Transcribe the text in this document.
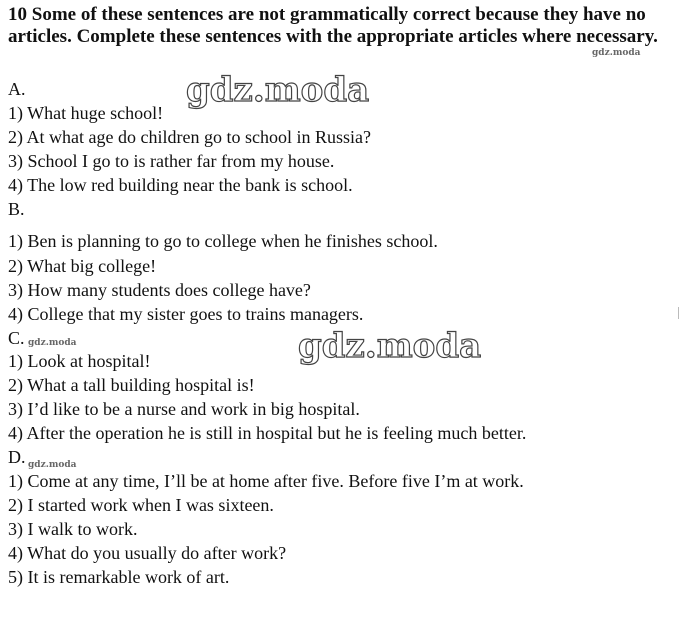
10 Some of these sentences are not grammatically correct because they have no articles. Complete these sentences with the appropriate articles where necessary.
gdz.moda
gdz.moda
gdz.moda
gdz.moda
gdz.moda
A.
1) What huge school!
2) At what age do children go to school in Russia?
3) School I go to is rather far from my house.
4) The low red building near the bank is school.
B.
1) Ben is planning to go to college when he finishes school.
2) What big college!
3) How many students does college have?
4) College that my sister goes to trains managers.
C.
1) Look at hospital!
2) What a tall building hospital is!
3) I’d like to be a nurse and work in big hospital.
4) After the operation he is still in hospital but he is feeling much better.
D.
1) Come at any time, I’ll be at home after five. Before five I’m at work.
2) I started work when I was sixteen.
3) I walk to work.
4) What do you usually do after work?
5) It is remarkable work of art.
